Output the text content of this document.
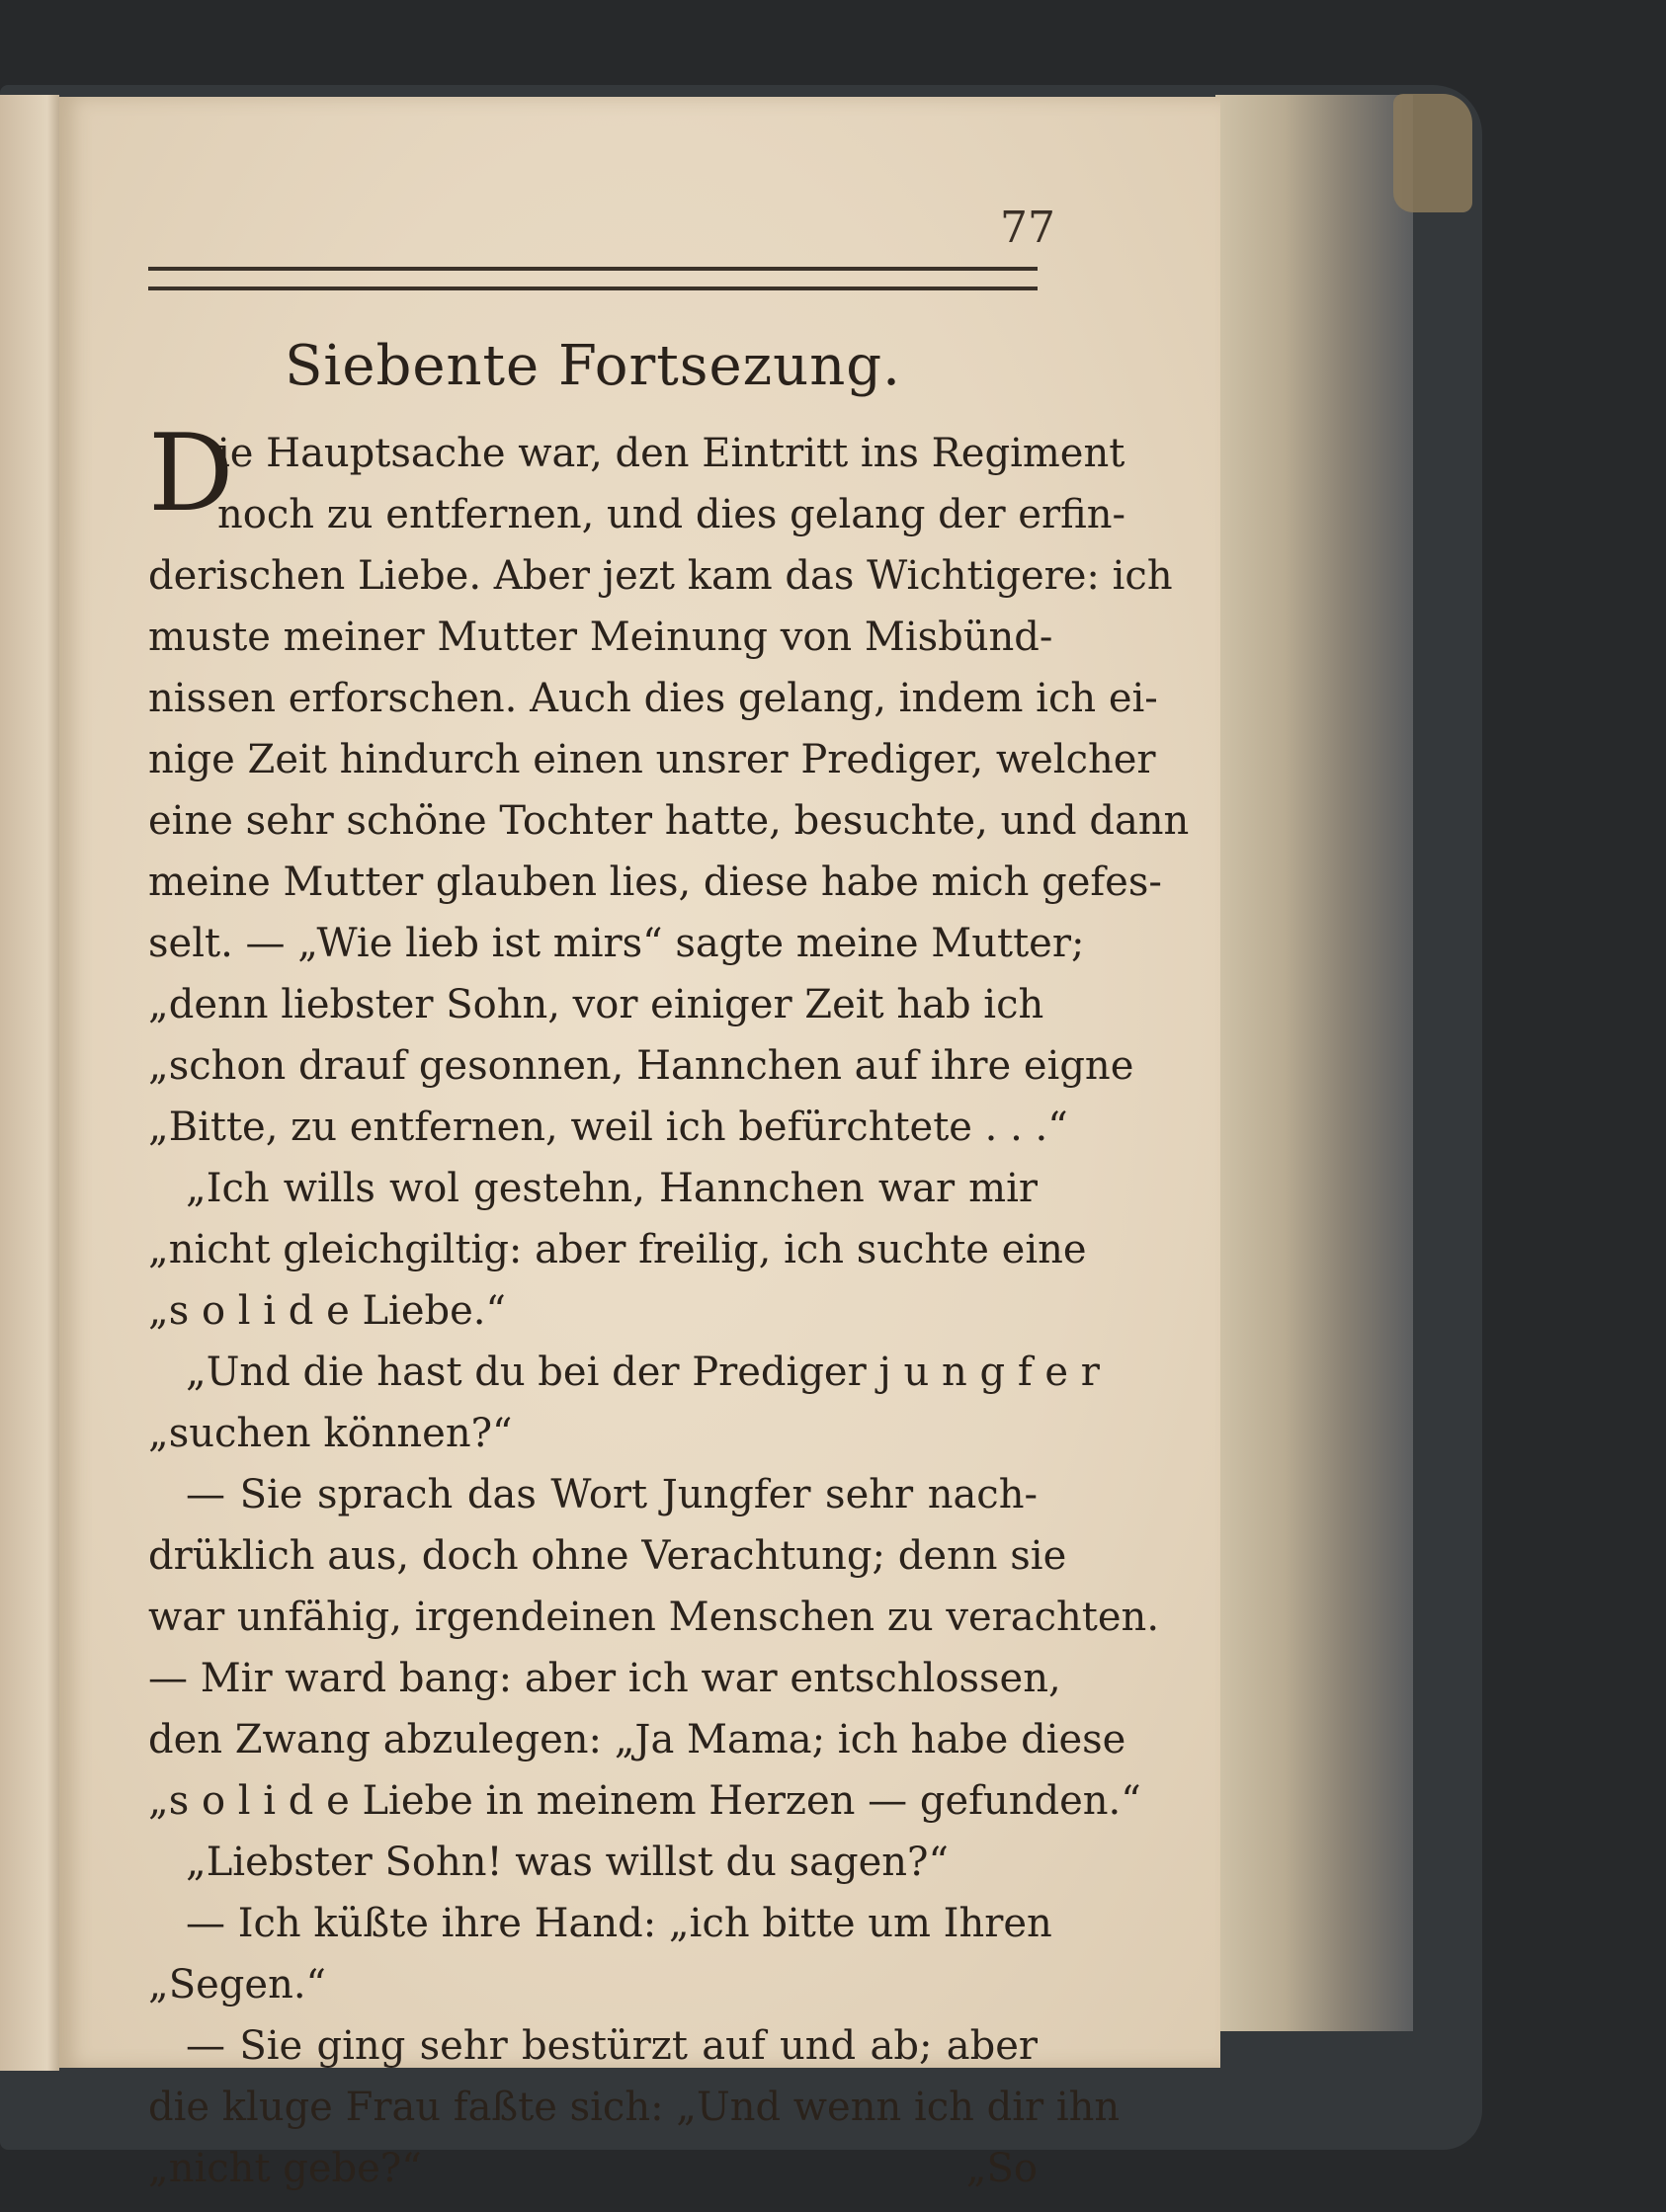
77
Siebente Fortsezung.
D
ie Hauptsache war, den Eintritt ins Regiment
noch zu entfernen, und dies gelang der erfin-
derischen Liebe. Aber jezt kam das Wichtigere: ich
muste meiner Mutter Meinung von Misbünd-
nissen erforschen. Auch dies gelang, indem ich ei-
nige Zeit hindurch einen unsrer Prediger, welcher
eine sehr schöne Tochter hatte, besuchte, und dann
meine Mutter glauben lies, diese habe mich gefes-
selt. — „Wie lieb ist mirs“ sagte meine Mutter;
„denn liebster Sohn, vor einiger Zeit hab ich
„schon drauf gesonnen, Hannchen auf ihre eigne
„Bitte, zu entfernen, weil ich befürchtete . . .“
„Ich wills wol gestehn, Hannchen war mir
„nicht gleichgiltig: aber freilig, ich suchte eine
„s o l i d e Liebe.“
„Und die hast du bei der Prediger j u n g f e r
„suchen können?“
— Sie sprach das Wort Jungfer sehr nach-
drüklich aus, doch ohne Verachtung; denn sie
war unfähig, irgendeinen Menschen zu verachten.
— Mir ward bang: aber ich war entschlossen,
den Zwang abzulegen: „Ja Mama; ich habe diese
„s o l i d e Liebe in meinem Herzen — gefunden.“
„Liebster Sohn! was willst du sagen?“
— Ich küßte ihre Hand: „ich bitte um Ihren
„Segen.“
— Sie ging sehr bestürzt auf und ab; aber
die kluge Frau faßte sich: „Und wenn ich dir ihn
„nicht gebe?“	„So
